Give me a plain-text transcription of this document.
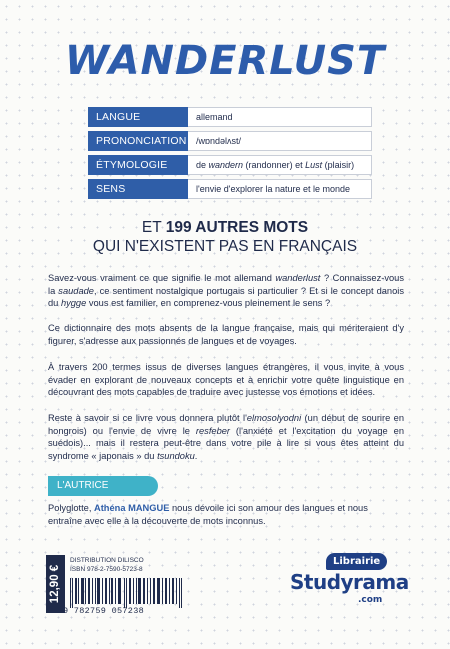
WANDERLUST
LANGUE	allemand
PRONONCIATION	/wɒndəlʌst/
ÉTYMOLOGIE	de wandern (randonner) et Lust (plaisir)
SENS	l'envie d'explorer la nature et le monde
ET 199 AUTRES MOTS
QUI N'EXISTENT PAS EN FRANÇAIS

Savez-vous vraiment ce que signifie le mot allemand wanderlust ? Connaissez-vous la saudade, ce sentiment nostalgique portugais si particulier ? Et si le concept danois du hygge vous est familier, en comprenez-vous pleinement le sens ?

Ce dictionnaire des mots absents de la langue française, mais qui mériteraient d'y figurer, s'adresse aux passionnés de langues et de voyages.

À travers 200 termes issus de diverses langues étrangères, il vous invite à vous évader en explorant de nouveaux concepts et à enrichir votre quête linguistique en découvrant des mots capables de traduire avec justesse vos émotions et idées.

Reste à savoir si ce livre vous donnera plutôt l'elmosolyodni (un début de sourire en hongrois) ou l'envie de vivre le resfeber (l'anxiété et l'excitation du voyage en suédois)... mais il restera peut-être dans votre pile à lire si vous êtes atteint du syndrome « japonais » du tsundoku.

L'AUTRICE

Polyglotte, Athéna MANGUE nous dévoile ici son amour des langues et nous entraîne avec elle à la découverte de mots inconnus.

12,90 €
DISTRIBUTION DILISCO
ISBN 978-2-7590-5723-8
9 782759 057238
Librairie
Studyrama
.com
